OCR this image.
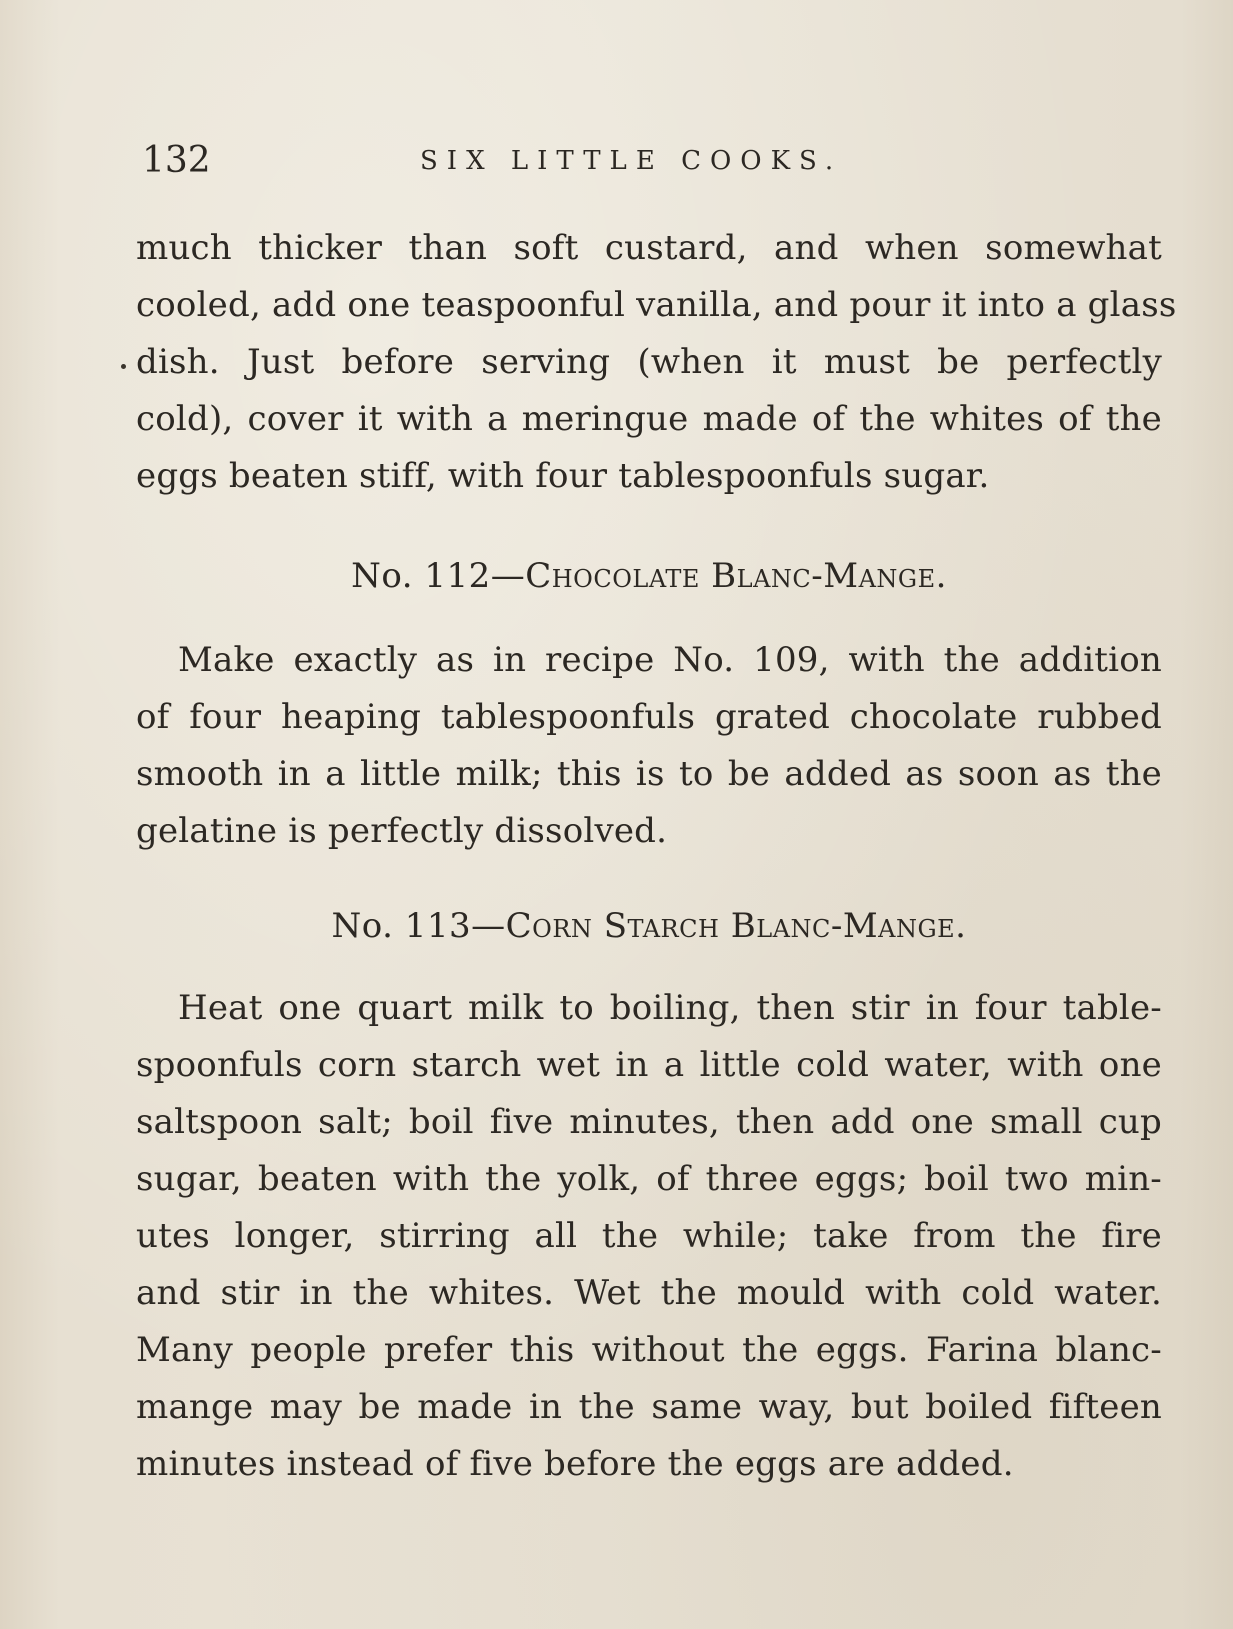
132	SIX LITTLE COOKS.
much thicker than soft custard, and when somewhat
cooled, add one teaspoonful vanilla, and pour it into a glass
dish. Just before serving (when it must be perfectly
cold), cover it with a meringue made of the whites of the
eggs beaten stiff, with four tablespoonfuls sugar.
No. 112—Chocolate Blanc-Mange.
Make exactly as in recipe No. 109, with the addition
of four heaping tablespoonfuls grated chocolate rubbed
smooth in a little milk; this is to be added as soon as the
gelatine is perfectly dissolved.
No. 113—Corn Starch Blanc-Mange.
Heat one quart milk to boiling, then stir in four table-
spoonfuls corn starch wet in a little cold water, with one
saltspoon salt; boil five minutes, then add one small cup
sugar, beaten with the yolk, of three eggs; boil two min-
utes longer, stirring all the while; take from the fire
and stir in the whites. Wet the mould with cold water.
Many people prefer this without the eggs. Farina blanc-
mange may be made in the same way, but boiled fifteen
minutes instead of five before the eggs are added.
